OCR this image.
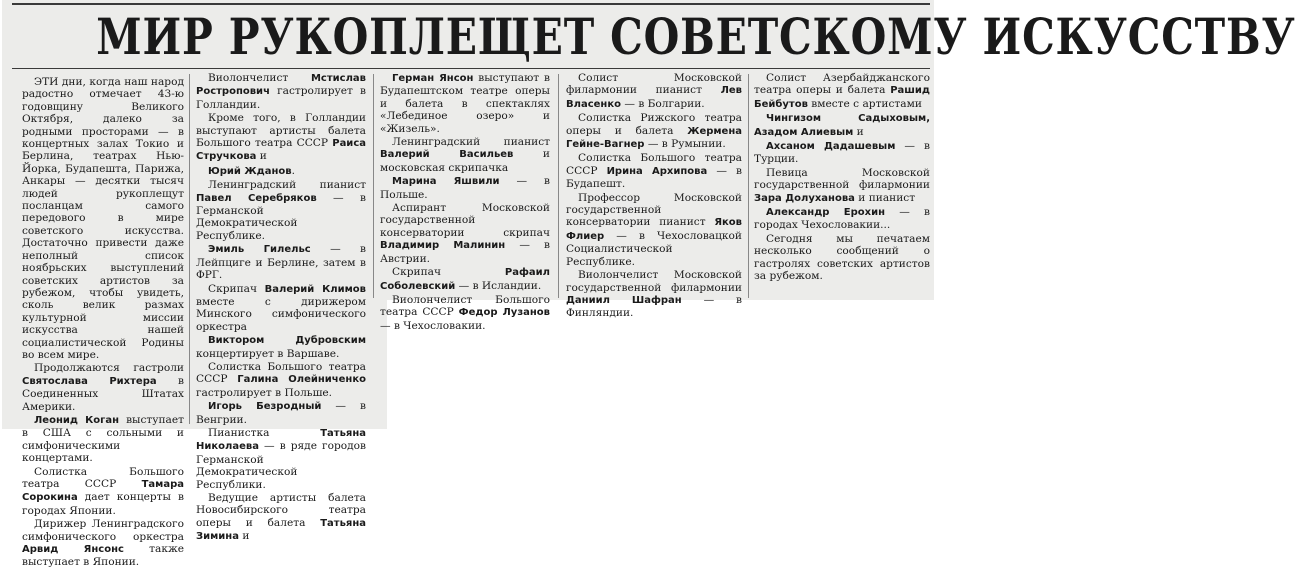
МИР РУКОПЛЕЩЕТ СОВЕТСКОМУ ИСКУССТВУ

ЭТИ дни, когда наш народ радостно отмечает 43-ю годовщину Великого Октября, далеко за родными просторами — в концертных залах Токио и Берлина, театрах Нью-Йорка, Будапешта, Парижа, Анкары — десятки тысяч людей рукоплещут посланцам самого передового в мире советского искусства. Достаточно привести даже неполный список ноябрьских выступлений советских артистов за рубежом, чтобы увидеть, сколь велик размах культурной миссии искусства нашей социалистической Родины во всем мире.

Продолжаются гастроли Святослава Рихтера в Соединенных Штатах Америки.

Леонид Коган выступает в США с сольными и симфоническими концертами.

Солистка Большого театра СССР Тамара Сорокина дает концерты в городах Японии.

Дирижер Ленинградского симфонического оркестра Арвид Янсонс также выступает в Японии.

Виолончелист Мстислав Ростропович гастролирует в Голландии.

Кроме того, в Голландии выступают артисты балета Большого театра СССР Раиса Стручкова и

Юрий Жданов.

Ленинградский пианист Павел Серебряков — в Германской Демократической Республике.

Эмиль Гилельс — в Лейпциге и Берлине, затем в ФРГ.

Скрипач Валерий Климов вместе с дирижером Минского симфонического оркестра

Виктором Дубровским концертирует в Варшаве.

Солистка Большого театра СССР Галина Олейниченко гастролирует в Польше.

Игорь Безродный — в Венгрии.

Пианистка Татьяна Николаева — в ряде городов Германской Демократической Республики.

Ведущие артисты балета Новосибирского театра оперы и балета Татьяна Зимина и

Герман Янсон выступают в Будапештском театре оперы и балета в спектаклях «Лебединое озеро» и «Жизель».

Ленинградский пианист Валерий Васильев и московская скрипачка

Марина Яшвили — в Польше.

Аспирант Московской государственной консерватории скрипач Владимир Малинин — в Австрии.

Скрипач Рафаил Соболевский — в Исландии.

Виолончелист Большого театра СССР Федор Лузанов — в Чехословакии.

Солист Московской филармонии пианист Лев Власенко — в Болгарии.

Солистка Рижского театра оперы и балета Жермена Гейне-Вагнер — в Румынии.

Солистка Большого театра СССР Ирина Архипова — в Будапешт.

Профессор Московской государственной консерватории пианист Яков Флиер — в Чехословацкой Социалистической Республике.

Виолончелист Московской государственной филармонии Даниил Шафран — в Финляндии.

Солист Азербайджанского театра оперы и балета Рашид Бейбутов вместе с артистами

Чингизом Садыховым, Азадом Алиевым и

Ахсаном Дадашевым — в Турции.

Певица Московской государственной филармонии Зара Долуханова и пианист

Александр Ерохин — в городах Чехословакии...

Сегодня мы печатаем несколько сообщений о гастролях советских артистов за рубежом.
